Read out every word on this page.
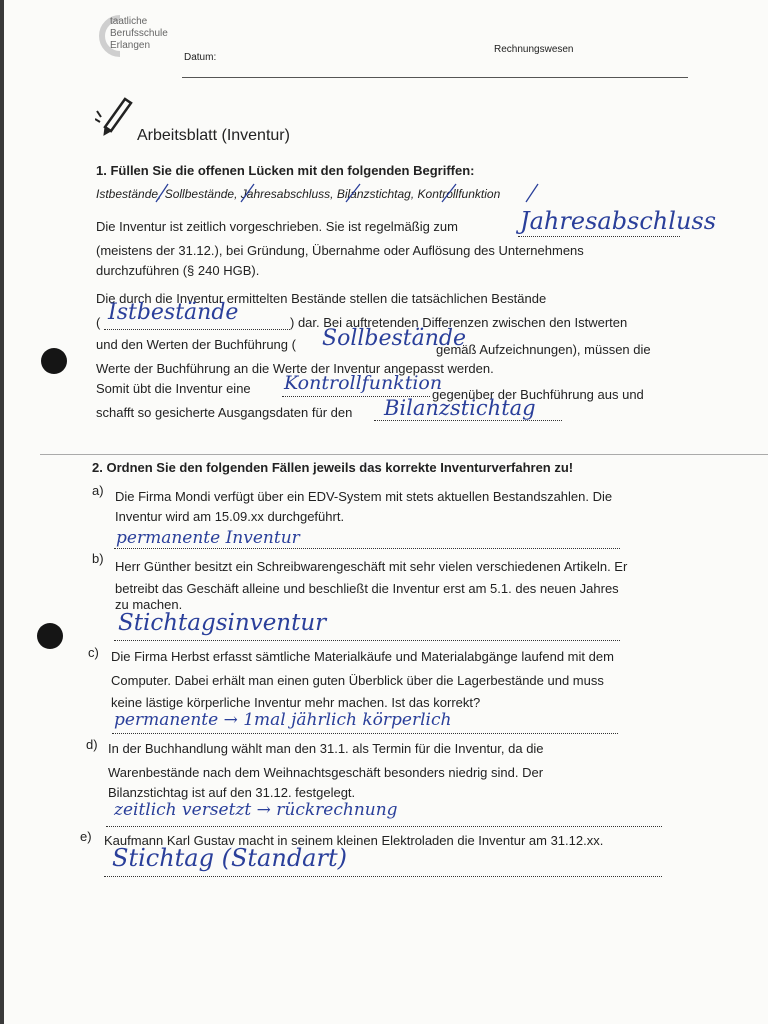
taatliche
Berufsschule
Erlangen
Datum:
Rechnungswesen
Arbeitsblatt (Inventur)
1. Füllen Sie die offenen Lücken mit den folgenden Begriffen:
Istbestände, Sollbestände, Jahresabschluss, Bilanzstichtag, Kontrollfunktion
Die Inventur ist zeitlich vorgeschrieben. Sie ist regelmäßig zum	Jahresabschluss
(meistens der 31.12.), bei Gründung, Übernahme oder Auflösung des Unternehmens
durchzuführen (§ 240 HGB).
Die durch die Inventur ermittelten Bestände stellen die tatsächlichen Bestände
( Istbestände	) dar. Bei auftretenden Differenzen zwischen den Istwerten
und den Werten der Buchführung ( Sollbestände
gemäß Aufzeichnungen), müssen die
Werte der Buchführung an die Werte der Inventur angepasst werden.
Somit übt die Inventur eine Kontrollfunktion
gegenüber der Buchführung aus und
schafft so gesicherte Ausgangsdaten für den Bilanzstichtag
2. Ordnen Sie den folgenden Fällen jeweils das korrekte Inventurverfahren zu!
a) Die Firma Mondi verfügt über ein EDV-System mit stets aktuellen Bestandszahlen. Die
Inventur wird am 15.09.xx durchgeführt.
permanente Inventur
b)
Herr Günther besitzt ein Schreibwarengeschäft mit sehr vielen verschiedenen Artikeln. Er
betreibt das Geschäft alleine und beschließt die Inventur erst am 5.1. des neuen Jahres
zu machen.
Stichtagsinventur
c) Die Firma Herbst erfasst sämtliche Materialkäufe und Materialabgänge laufend mit dem
Computer. Dabei erhält man einen guten Überblick über die Lagerbestände und muss
keine lästige körperliche Inventur mehr machen. Ist das korrekt?
permanente → 1mal jährlich körperlich
d) In der Buchhandlung wählt man den 31.1. als Termin für die Inventur, da die
Warenbestände nach dem Weihnachtsgeschäft besonders niedrig sind. Der
Bilanzstichtag ist auf den 31.12. festgelegt.
zeitlich versetzt → rückrechnung
e) Kaufmann Karl Gustav macht in seinem kleinen Elektroladen die Inventur am 31.12.xx.
Stichtag (Standart)
